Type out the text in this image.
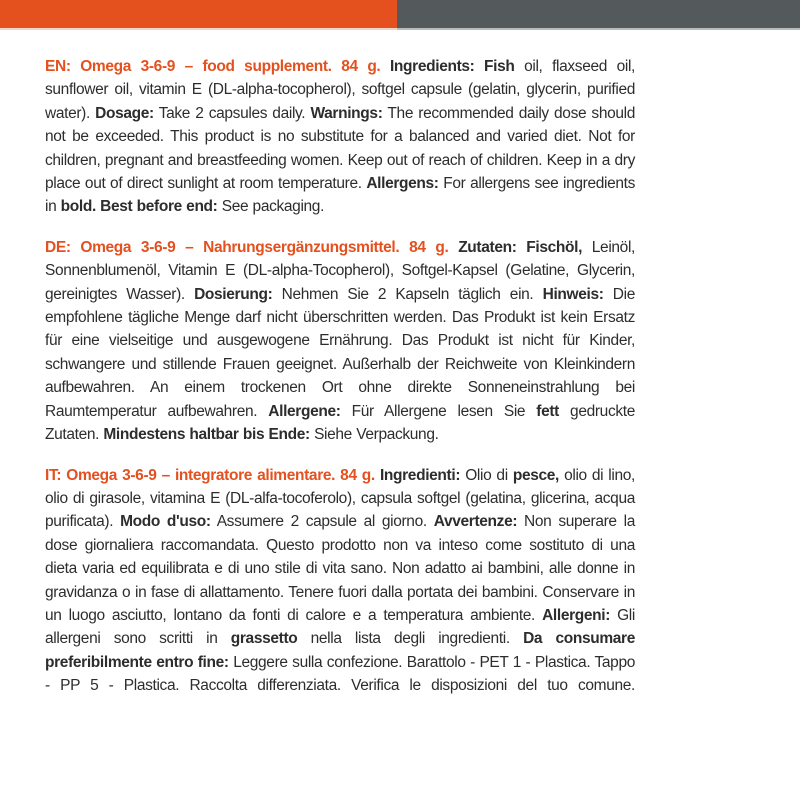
EN: Omega 3-6-9 – food supplement. 84 g. Ingredients: Fish oil, flaxseed oil, sunflower oil, vitamin E (DL-alpha-tocopherol), softgel capsule (gelatin, glycerin, purified water). Dosage: Take 2 capsules daily. Warnings: The recommended daily dose should not be exceeded. This product is no substitute for a balanced and varied diet. Not for children, pregnant and breastfeeding women. Keep out of reach of children. Keep in a dry place out of direct sunlight at room temperature. Allergens: For allergens see ingredients in bold. Best before end: See packaging.

DE: Omega 3-6-9 – Nahrungsergänzungsmittel. 84 g. Zutaten: Fischöl, Leinöl, Sonnenblumenöl, Vitamin E (DL-alpha-Tocopherol), Softgel-Kapsel (Gelatine, Glycerin, gereinigtes Wasser). Dosierung: Nehmen Sie 2 Kapseln täglich ein. Hinweis: Die empfohlene tägliche Menge darf nicht überschritten werden. Das Produkt ist kein Ersatz für eine vielseitige und ausgewogene Ernährung. Das Produkt ist nicht für Kinder, schwangere und stillende Frauen geeignet. Außerhalb der Reichweite von Kleinkindern aufbewahren. An einem trockenen Ort ohne direkte Sonneneinstrahlung bei Raumtemperatur aufbewahren. Allergene: Für Allergene lesen Sie fett gedruckte Zutaten. Mindestens haltbar bis Ende: Siehe Verpackung.

IT: Omega 3-6-9 – integratore alimentare. 84 g. Ingredienti: Olio di pesce, olio di lino, olio di girasole, vitamina E (DL-alfa-tocoferolo), capsula softgel (gelatina, glicerina, acqua purificata). Modo d'uso: Assumere 2 capsule al giorno. Avvertenze: Non superare la dose giornaliera raccomandata. Questo prodotto non va inteso come sostituto di una dieta varia ed equilibrata e di uno stile di vita sano. Non adatto ai bambini, alle donne in gravidanza o in fase di allattamento. Tenere fuori dalla portata dei bambini. Conservare in un luogo asciutto, lontano da fonti di calore e a temperatura ambiente. Allergeni: Gli allergeni sono scritti in grassetto nella lista degli ingredienti. Da consumare preferibilmente entro fine: Leggere sulla confezione. Barattolo - PET 1 - Plastica. Tappo - PP 5 - Plastica. Raccolta differenziata. Verifica le disposizioni del tuo comune.
